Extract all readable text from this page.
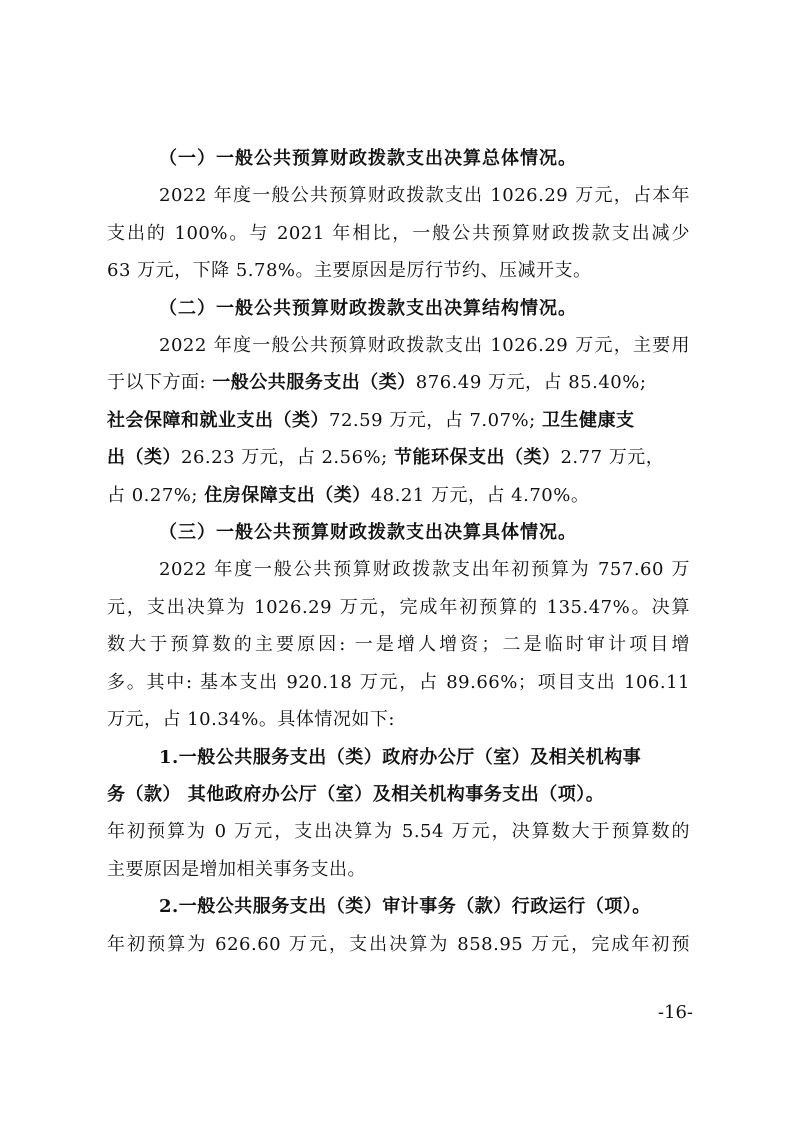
（一）一般公共预算财政拨款支出决算总体情况。
2022 年度一般公共预算财政拨款支出 1026.29 万元，占本年
支出的 100%。与 2021 年相比，一般公共预算财政拨款支出减少
63 万元，下降 5.78%。主要原因是厉行节约、压减开支。
（二）一般公共预算财政拨款支出决算结构情况。
2022 年度一般公共预算财政拨款支出 1026.29 万元，主要用
于以下方面: 一般公共服务支出（类）876.49 万元，占 85.40%;
社会保障和就业支出（类）72.59 万元，占 7.07%; 卫生健康支
出（类）26.23 万元，占 2.56%; 节能环保支出（类）2.77 万元，
占 0.27%; 住房保障支出（类）48.21 万元，占 4.70%。
（三）一般公共预算财政拨款支出决算具体情况。
2022 年度一般公共预算财政拨款支出年初预算为 757.60 万
元，支出决算为 1026.29 万元，完成年初预算的 135.47%。决算
数大于预算数的主要原因: 一是增人增资；二是临时审计项目增
多。其中: 基本支出 920.18 万元，占 89.66%；项目支出 106.11
万元，占 10.34%。具体情况如下:
1.一般公共服务支出（类）政府办公厅（室）及相关机构事
务（款） 其他政府办公厅（室）及相关机构事务支出（项）。
年初预算为 0 万元，支出决算为 5.54 万元，决算数大于预算数的
主要原因是增加相关事务支出。
2.一般公共服务支出（类）审计事务（款）行政运行（项）。
年初预算为 626.60 万元，支出决算为 858.95 万元，完成年初预
-16-
